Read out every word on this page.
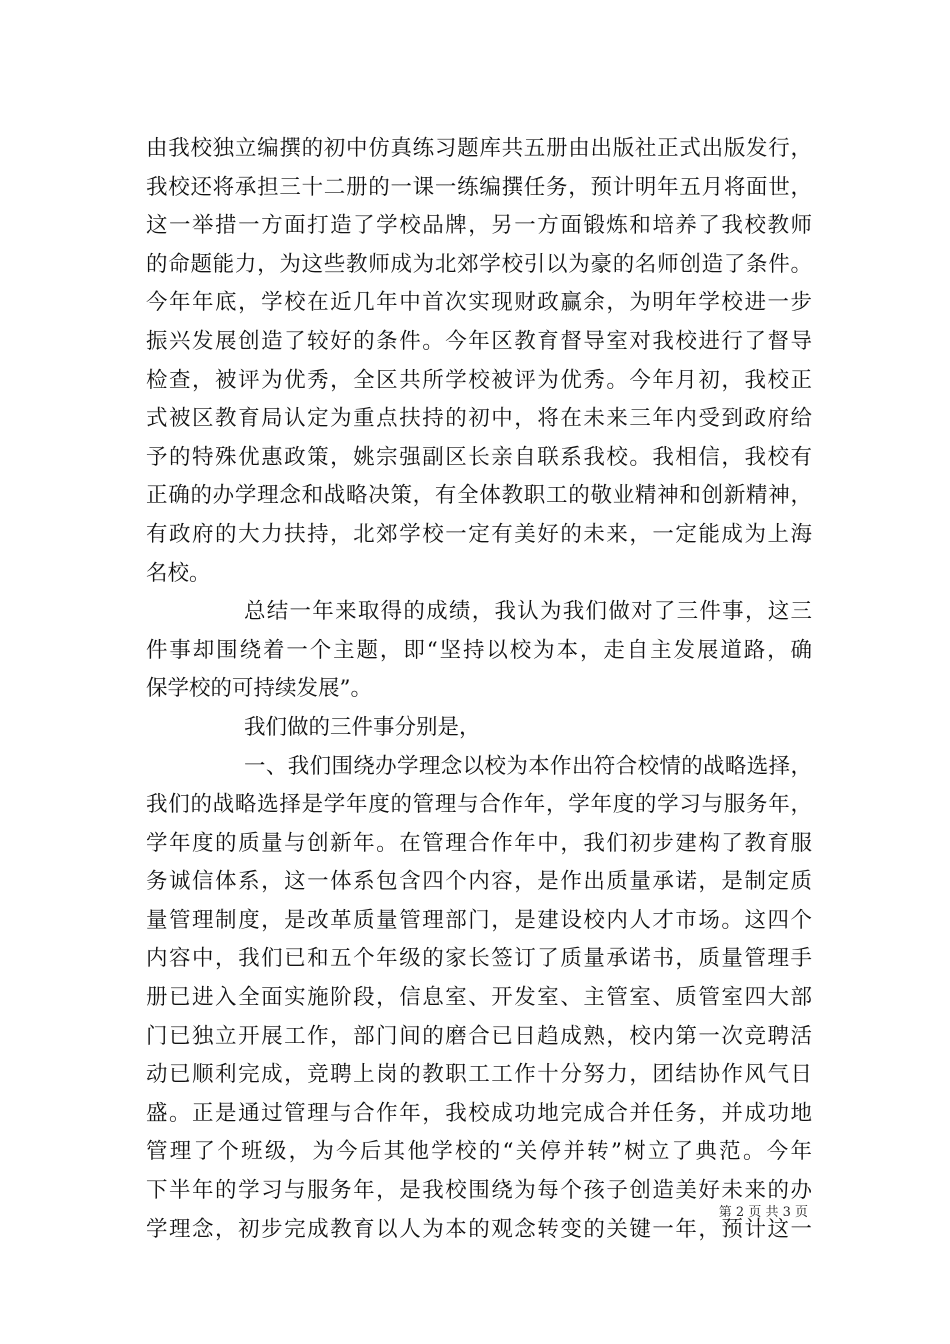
由我校独立编撰的初中仿真练习题库共五册由出版社正式出版发行，
我校还将承担三十二册的一课一练编撰任务，预计明年五月将面世，
这一举措一方面打造了学校品牌，另一方面锻炼和培养了我校教师
的命题能力，为这些教师成为北郊学校引以为豪的名师创造了条件。
今年年底，学校在近几年中首次实现财政赢余，为明年学校进一步
振兴发展创造了较好的条件。今年区教育督导室对我校进行了督导
检查，被评为优秀，全区共所学校被评为优秀。今年月初，我校正
式被区教育局认定为重点扶持的初中，将在未来三年内受到政府给
予的特殊优惠政策，姚宗强副区长亲自联系我校。我相信，我校有
正确的办学理念和战略决策，有全体教职工的敬业精神和创新精神，
有政府的大力扶持，北郊学校一定有美好的未来，一定能成为上海
名校。
总结一年来取得的成绩，我认为我们做对了三件事，这三
件事却围绕着一个主题，即“坚持以校为本，走自主发展道路，确
保学校的可持续发展”。
我们做的三件事分别是，
一、我们围绕办学理念以校为本作出符合校情的战略选择，
我们的战略选择是学年度的管理与合作年，学年度的学习与服务年，
学年度的质量与创新年。在管理合作年中，我们初步建构了教育服
务诚信体系，这一体系包含四个内容，是作出质量承诺，是制定质
量管理制度，是改革质量管理部门，是建设校内人才市场。这四个
内容中，我们已和五个年级的家长签订了质量承诺书，质量管理手
册已进入全面实施阶段，信息室、开发室、主管室、质管室四大部
门已独立开展工作，部门间的磨合已日趋成熟，校内第一次竞聘活
动已顺利完成，竞聘上岗的教职工工作十分努力，团结协作风气日
盛。正是通过管理与合作年，我校成功地完成合并任务，并成功地
管理了个班级，为今后其他学校的“关停并转”树立了典范。今年
下半年的学习与服务年，是我校围绕为每个孩子创造美好未来的办
学理念，初步完成教育以人为本的观念转变的关键一年，预计这一
第 2 页 共 3 页
